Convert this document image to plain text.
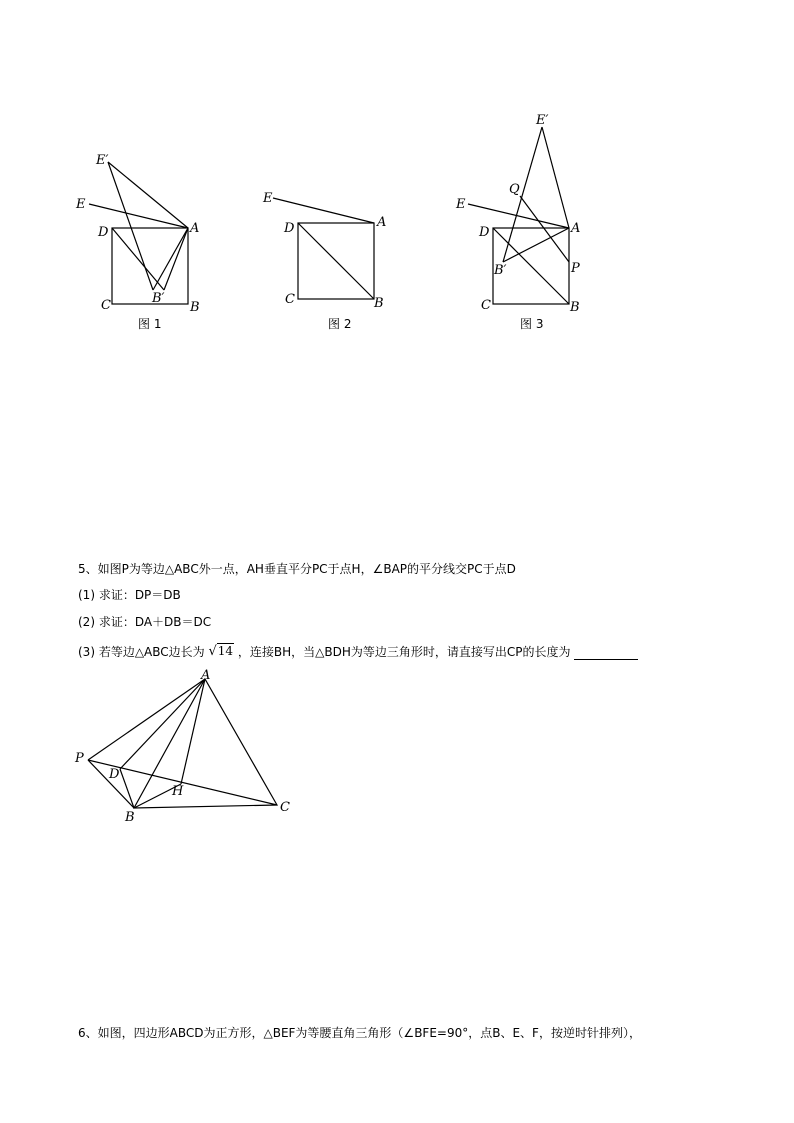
E′
E
D	A
C	B′
B
图 1
E
D	A
C	B
图 2
E′
Q
E
D	A
P
B′
C	B
图 3
A
P
D
H
B
C
5、如图P为等边△ABC外一点，AH垂直平分PC于点H，∠BAP的平分线交PC于点D
(1) 求证：DP＝DB
(2) 求证：DA＋DB＝DC
(3) 若等边△ABC边长为 √14 ，连接BH，当△BDH为等边三角形时，请直接写出CP的长度为
6、如图，四边形ABCD为正方形，△BEF为等腰直角三角形（∠BFE=90°，点B、E、F，按逆时针排列），
